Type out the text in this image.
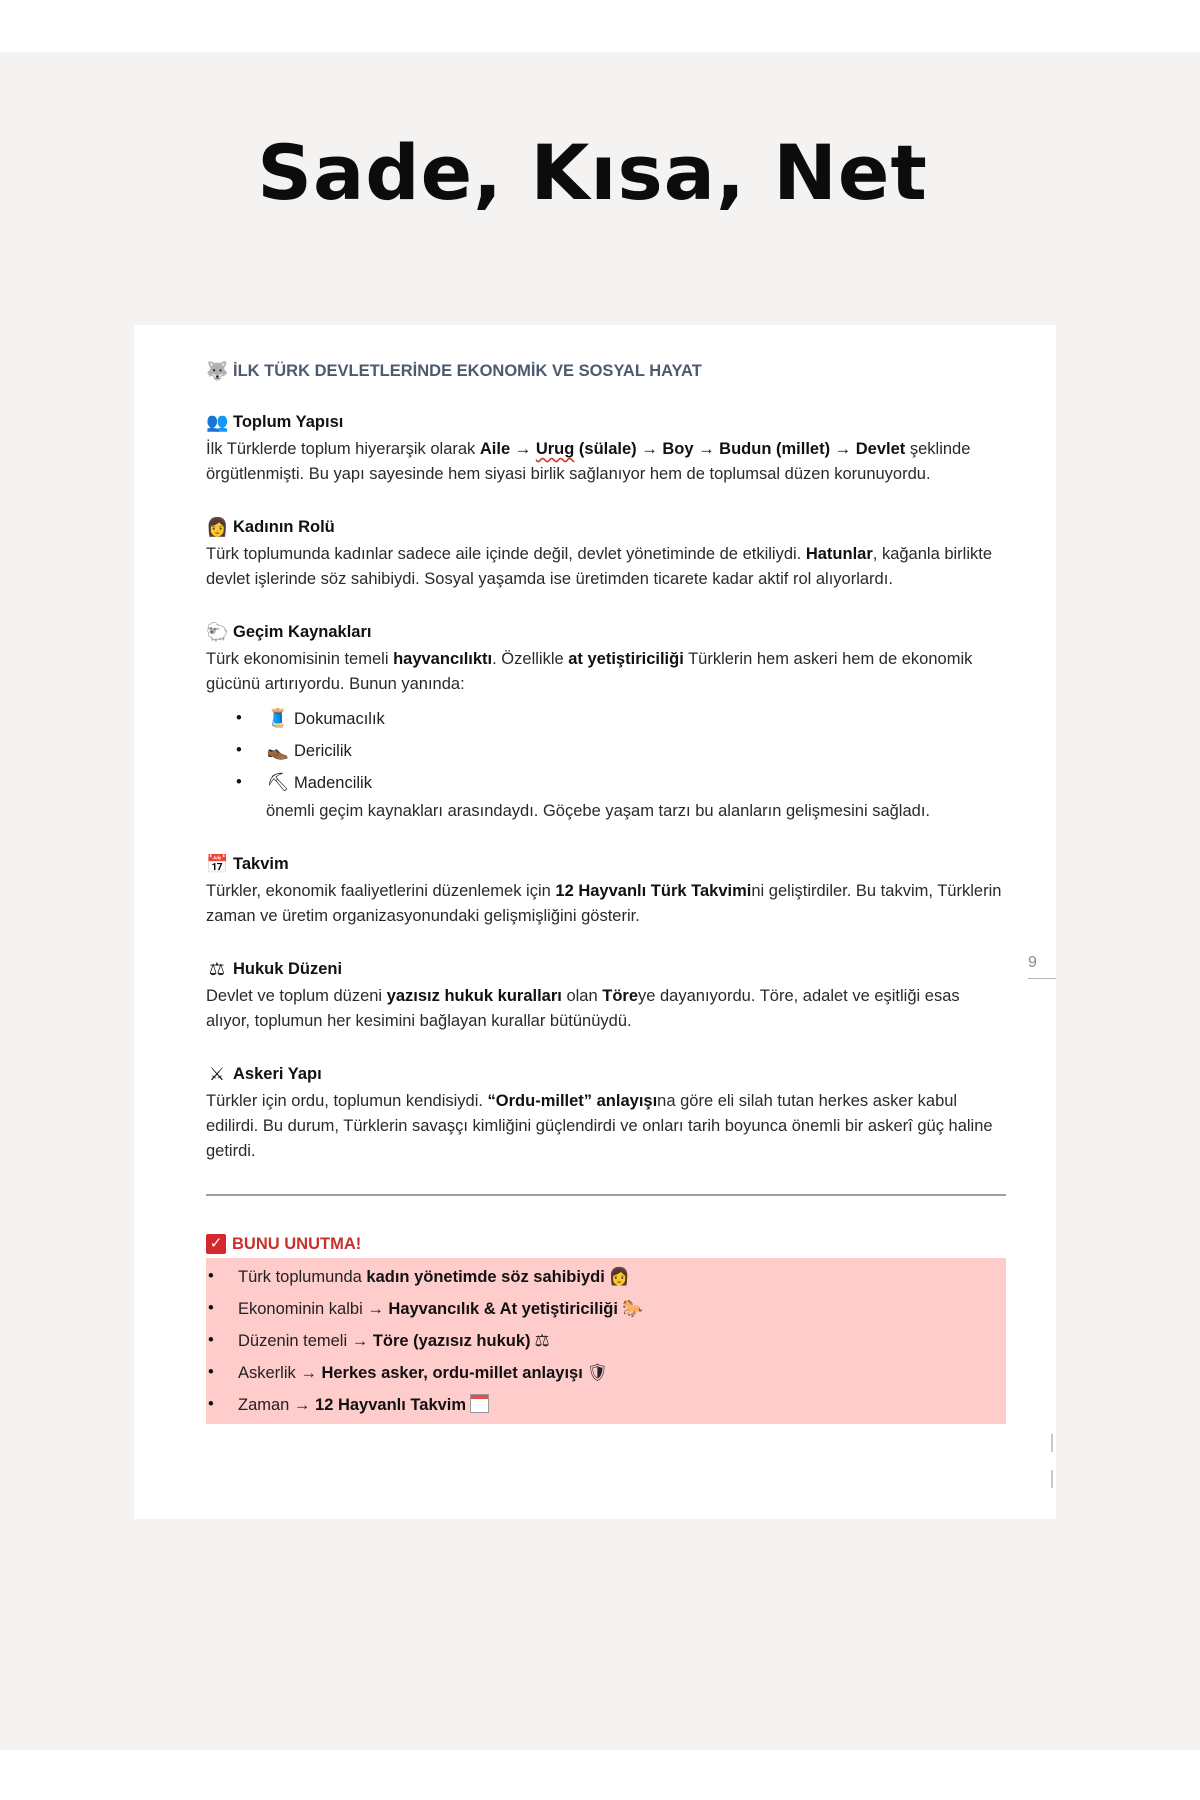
Sade, Kısa, Net
🐺 İLK TÜRK DEVLETLERİNDE EKONOMİK VE SOSYAL HAYAT
👥 Toplum Yapısı
İlk Türklerde toplum hiyerarşik olarak Aile → Urug (sülale) → Boy → Budun (millet) → Devlet şeklinde örgütlenmişti. Bu yapı sayesinde hem siyasi birlik sağlanıyor hem de toplumsal düzen korunuyordu.
👩 Kadının Rolü
Türk toplumunda kadınlar sadece aile içinde değil, devlet yönetiminde de etkiliydi. Hatunlar, kağanla birlikte devlet işlerinde söz sahibiydi. Sosyal yaşamda ise üretimden ticarete kadar aktif rol alıyorlardı.
🐑 Geçim Kaynakları
Türk ekonomisinin temeli hayvancılıktı. Özellikle at yetiştiriciliği Türklerin hem askeri hem de ekonomik gücünü artırıyordu. Bunun yanında:
• 🧵 Dokumacılık
• 👞 Dericilik
• ⛏ Madencilik
önemli geçim kaynakları arasındaydı. Göçebe yaşam tarzı bu alanların gelişmesini sağladı.
📅 Takvim
Türkler, ekonomik faaliyetlerini düzenlemek için 12 Hayvanlı Türk Takvimini geliştirdiler. Bu takvim, Türklerin zaman ve üretim organizasyonundaki gelişmişliğini gösterir.
⚖ Hukuk Düzeni
Devlet ve toplum düzeni yazısız hukuk kuralları olan Töreye dayanıyordu. Töre, adalet ve eşitliği esas alıyor, toplumun her kesimini bağlayan kurallar bütünüydü.
⚔ Askeri Yapı
Türkler için ordu, toplumun kendisiydi. “Ordu-millet” anlayışına göre eli silah tutan herkes asker kabul edilirdi. Bu durum, Türklerin savaşçı kimliğini güçlendirdi ve onları tarih boyunca önemli bir askerî güç haline getirdi.
✓ BUNU UNUTMA!
• Türk toplumunda kadın yönetimde söz sahibiydi 👩
• Ekonominin kalbi → Hayvancılık & At yetiştiriciliği 🐎
• Düzenin temeli → Töre (yazısız hukuk) ⚖
• Askerlik → Herkes asker, ordu-millet anlayışı 🛡
• Zaman → 12 Hayvanlı Takvim
9
